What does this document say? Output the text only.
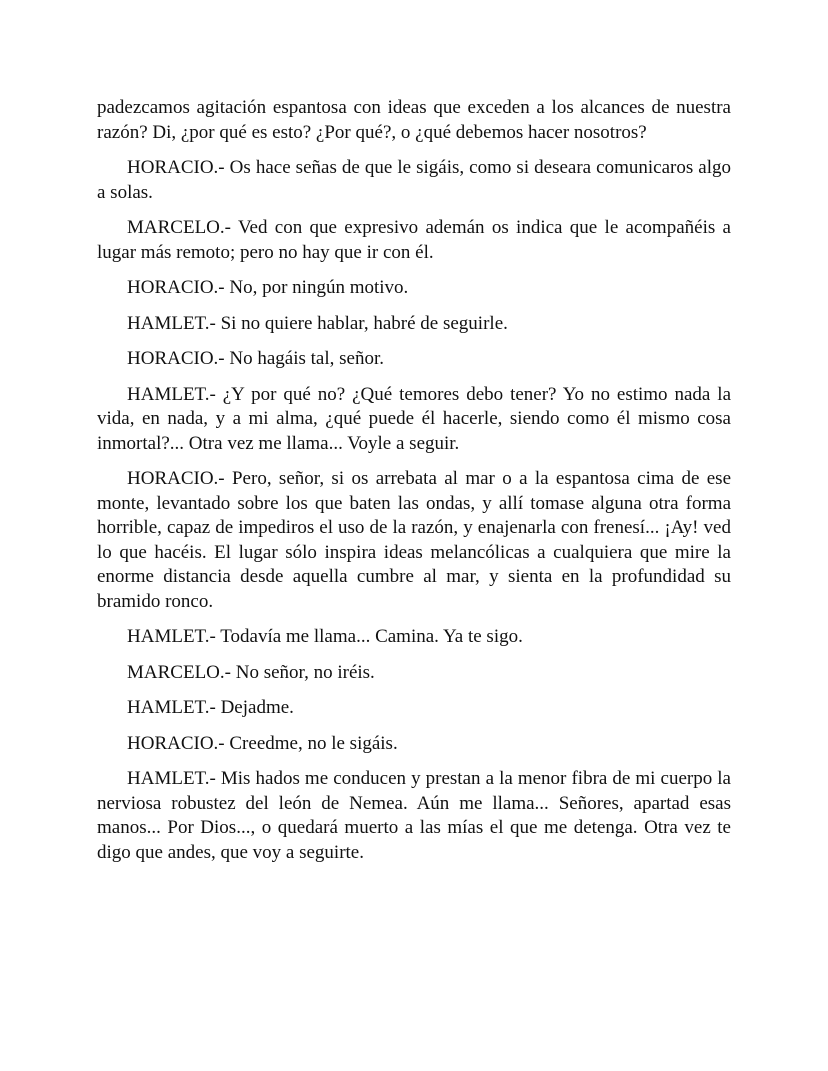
padezcamos agitación espantosa con ideas que exceden a los alcances de nuestra razón? Di, ¿por qué es esto? ¿Por qué?, o ¿qué debemos hacer nosotros?

HORACIO.- Os hace señas de que le sigáis, como si deseara comunicaros algo a solas.

MARCELO.- Ved con que expresivo ademán os indica que le acompañéis a lugar más remoto; pero no hay que ir con él.

HORACIO.- No, por ningún motivo.

HAMLET.- Si no quiere hablar, habré de seguirle.

HORACIO.- No hagáis tal, señor.

HAMLET.- ¿Y por qué no? ¿Qué temores debo tener? Yo no estimo nada la vida, en nada, y a mi alma, ¿qué puede él hacerle, siendo como él mismo cosa inmortal?... Otra vez me llama... Voyle a seguir.

HORACIO.- Pero, señor, si os arrebata al mar o a la espantosa cima de ese monte, levantado sobre los que baten las ondas, y allí tomase alguna otra forma horrible, capaz de impediros el uso de la razón, y enajenarla con frenesí... ¡Ay! ved lo que hacéis. El lugar sólo inspira ideas melancólicas a cualquiera que mire la enorme distancia desde aquella cumbre al mar, y sienta en la profundidad su bramido ronco.

HAMLET.- Todavía me llama... Camina. Ya te sigo.

MARCELO.- No señor, no iréis.

HAMLET.- Dejadme.

HORACIO.- Creedme, no le sigáis.

HAMLET.- Mis hados me conducen y prestan a la menor fibra de mi cuerpo la nerviosa robustez del león de Nemea. Aún me llama... Señores, apartad esas manos... Por Dios..., o quedará muerto a las mías el que me detenga. Otra vez te digo que andes, que voy a seguirte.
